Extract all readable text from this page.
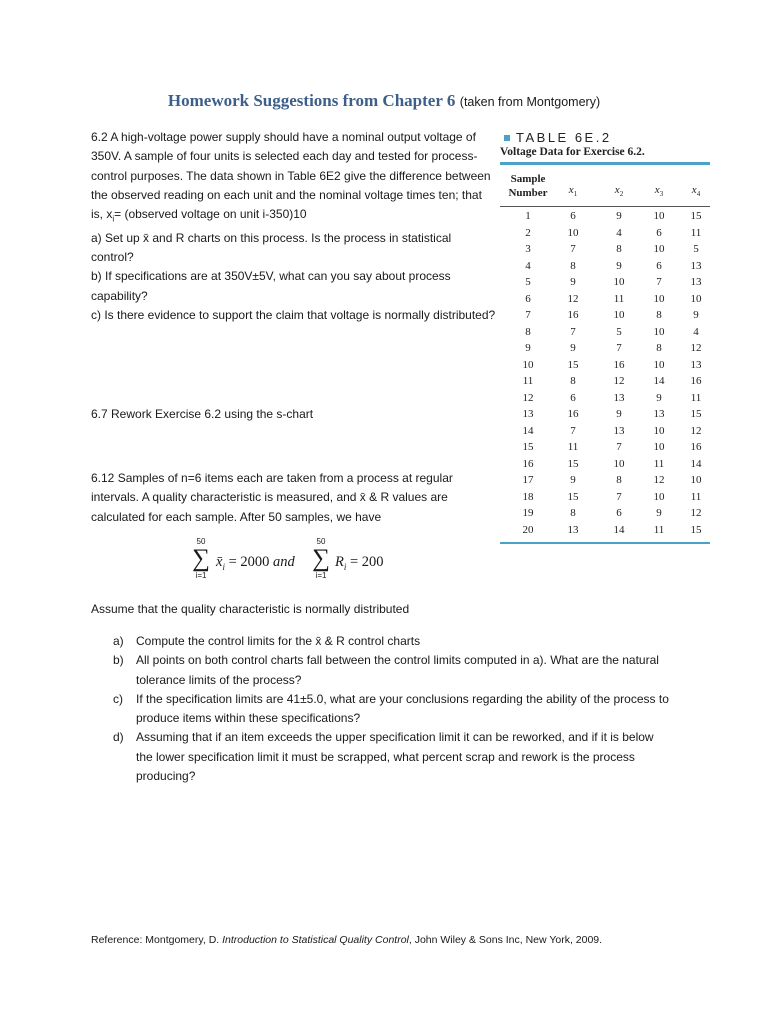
Homework Suggestions from Chapter 6 (taken from Montgomery)

6.2 A high-voltage power supply should have a nominal output voltage of 350V. A sample of four units is selected each day and tested for process-control purposes. The data shown in Table 6E2 give the difference between the observed reading on each unit and the nominal voltage times ten; that is, $x_i=$ (observed voltage on unit i-350)10

a) Set up x̄ and R charts on this process. Is the process in statistical control?

b) If specifications are at 350V±5V, what can you say about process capability?

c) Is there evidence to support the claim that voltage is normally distributed?

6.7 Rework Exercise 6.2 using the s-chart

6.12 Samples of n=6 items each are taken from a process at regular intervals. A quality characteristic is measured, and x̄ & R values are calculated for each sample. After 50 samples, we have

50
∑
i=1
$x̄_i = 2000$ and
50
∑
i=1
$R_i = 200$

Assume that the quality characteristic is normally distributed

a) Compute the control limits for the x̄ & R control charts
b) All points on both control charts fall between the control limits computed in a). What are the natural tolerance limits of the process?
c) If the specification limits are 41±5.0, what are your conclusions regarding the ability of the process to produce items within these specifications?
d) Assuming that if an item exceeds the upper specification limit it can be reworked, and if it is below the lower specification limit it must be scrapped, what percent scrap and rework is the process producing?
TABLE 6E.2
Voltage Data for Exercise 6.2.
Sample
Number	$x_1$	$x_2$	$x_3$	$x_4$
1	6	9	10	15
2	10	4	6	11
3	7	8	10	5
4	8	9	6	13
5	9	10	7	13
6	12	11	10	10
7	16	10	8	9
8	7	5	10	4
9	9	7	8	12
10	15	16	10	13
11	8	12	14	16
12	6	13	9	11
13	16	9	13	15
14	7	13	10	12
15	11	7	10	16
16	15	10	11	14
17	9	8	12	10
18	15	7	10	11
19	8	6	9	12
20	13	14	11	15
Reference: Montgomery, D. Introduction to Statistical Quality Control, John Wiley & Sons Inc, New York, 2009.
